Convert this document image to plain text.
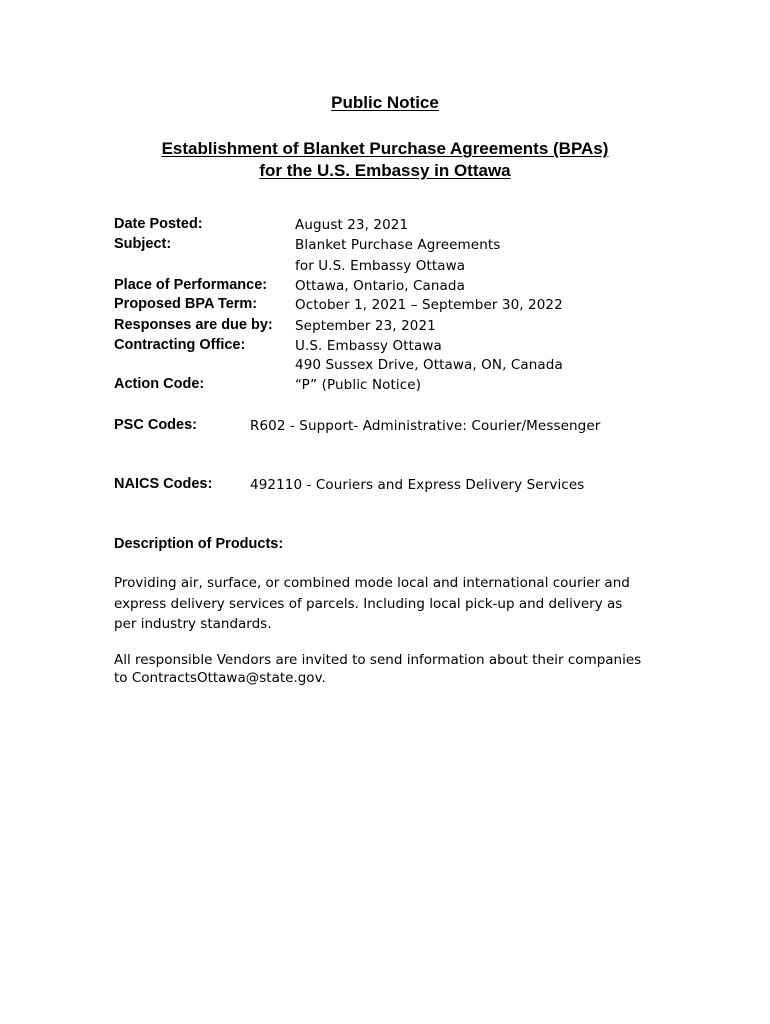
Public Notice
Establishment of Blanket Purchase Agreements (BPAs)
for the U.S. Embassy in Ottawa
Date Posted:	August 23, 2021
Subject:	Blanket Purchase Agreements
for U.S. Embassy Ottawa
Place of Performance: Ottawa, Ontario, Canada
Proposed BPA Term:	October 1, 2021 – September 30, 2022
Responses are due by: September 23, 2021
Contracting Office:	U.S. Embassy Ottawa
490 Sussex Drive, Ottawa, ON, Canada
Action Code:	“P” (Public Notice)
PSC Codes:	R602 - Support- Administrative: Courier/Messenger
NAICS Codes:	492110 - Couriers and Express Delivery Services
Description of Products:
Providing air, surface, or combined mode local and international courier and
express delivery services of parcels. Including local pick-up and delivery as
per industry standards.
All responsible Vendors are invited to send information about their companies
to ContractsOttawa@state.gov.
